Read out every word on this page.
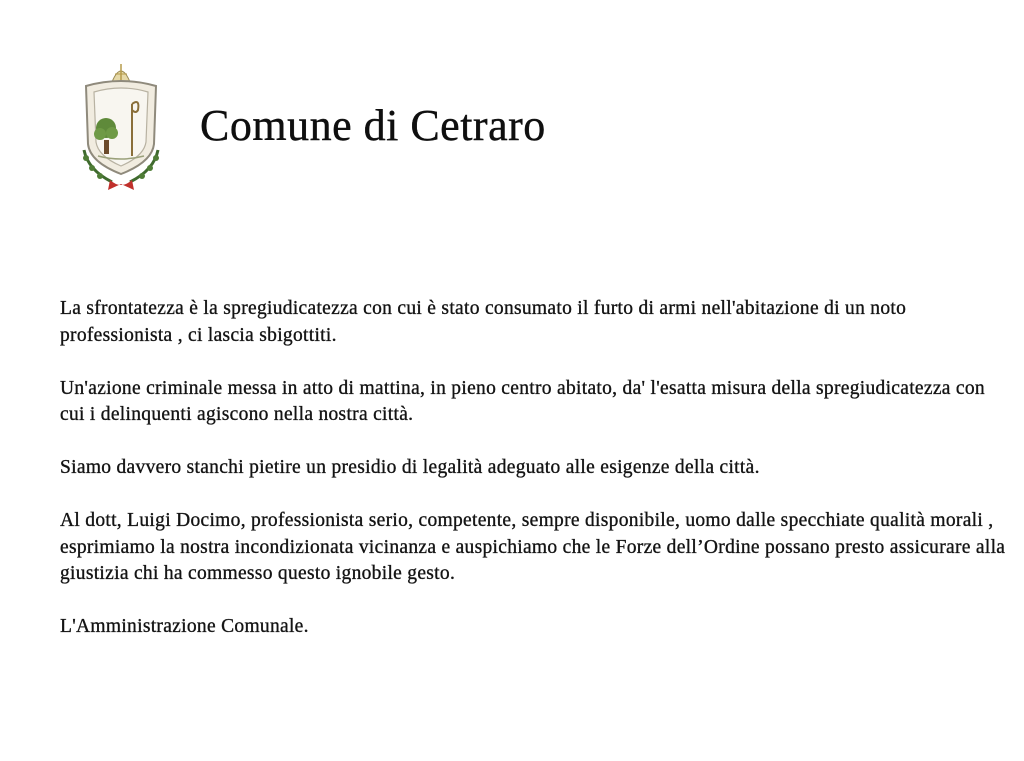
Comune di Cetraro

La sfrontatezza è la spregiudicatezza con cui è stato consumato il furto di armi nell'abitazione di un noto professionista , ci lascia sbigottiti.

Un'azione criminale messa in atto di mattina, in pieno centro abitato, da' l'esatta misura della spregiudicatezza con cui i delinquenti agiscono nella nostra città.

Siamo davvero stanchi pietire un presidio di legalità adeguato alle esigenze della città.

Al dott, Luigi Docimo, professionista serio, competente, sempre disponibile, uomo dalle specchiate qualità morali , esprimiamo la nostra incondizionata vicinanza e auspichiamo che le Forze dell’Ordine possano presto assicurare alla giustizia chi ha commesso questo ignobile gesto.

L'Amministrazione Comunale.
